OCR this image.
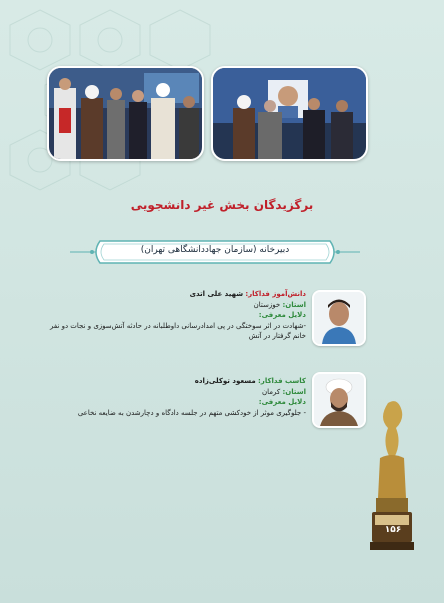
برگزیدگان بخش غیر دانشجویی
دبیرخانه (سازمان جهاددانشگاهی تهران)
دانش‌آموز فداکار: شهید علی اتدی
استان: خوزستان
دلایل معرفی:
-شهادت در اثر سوختگی در پی امدادرسانی داوطلبانه در حادثه آتش‌سوزی و نجات دو نفر خانم گرفتار در آتش
کاسب فداکار: مسعود توکلی‌زاده
استان: کرمان
دلایل معرفی:
- جلوگیری موثر از خودکشی متهم در جلسه دادگاه و دچارشدن به ضایعه نخاعی
۱۵۶
